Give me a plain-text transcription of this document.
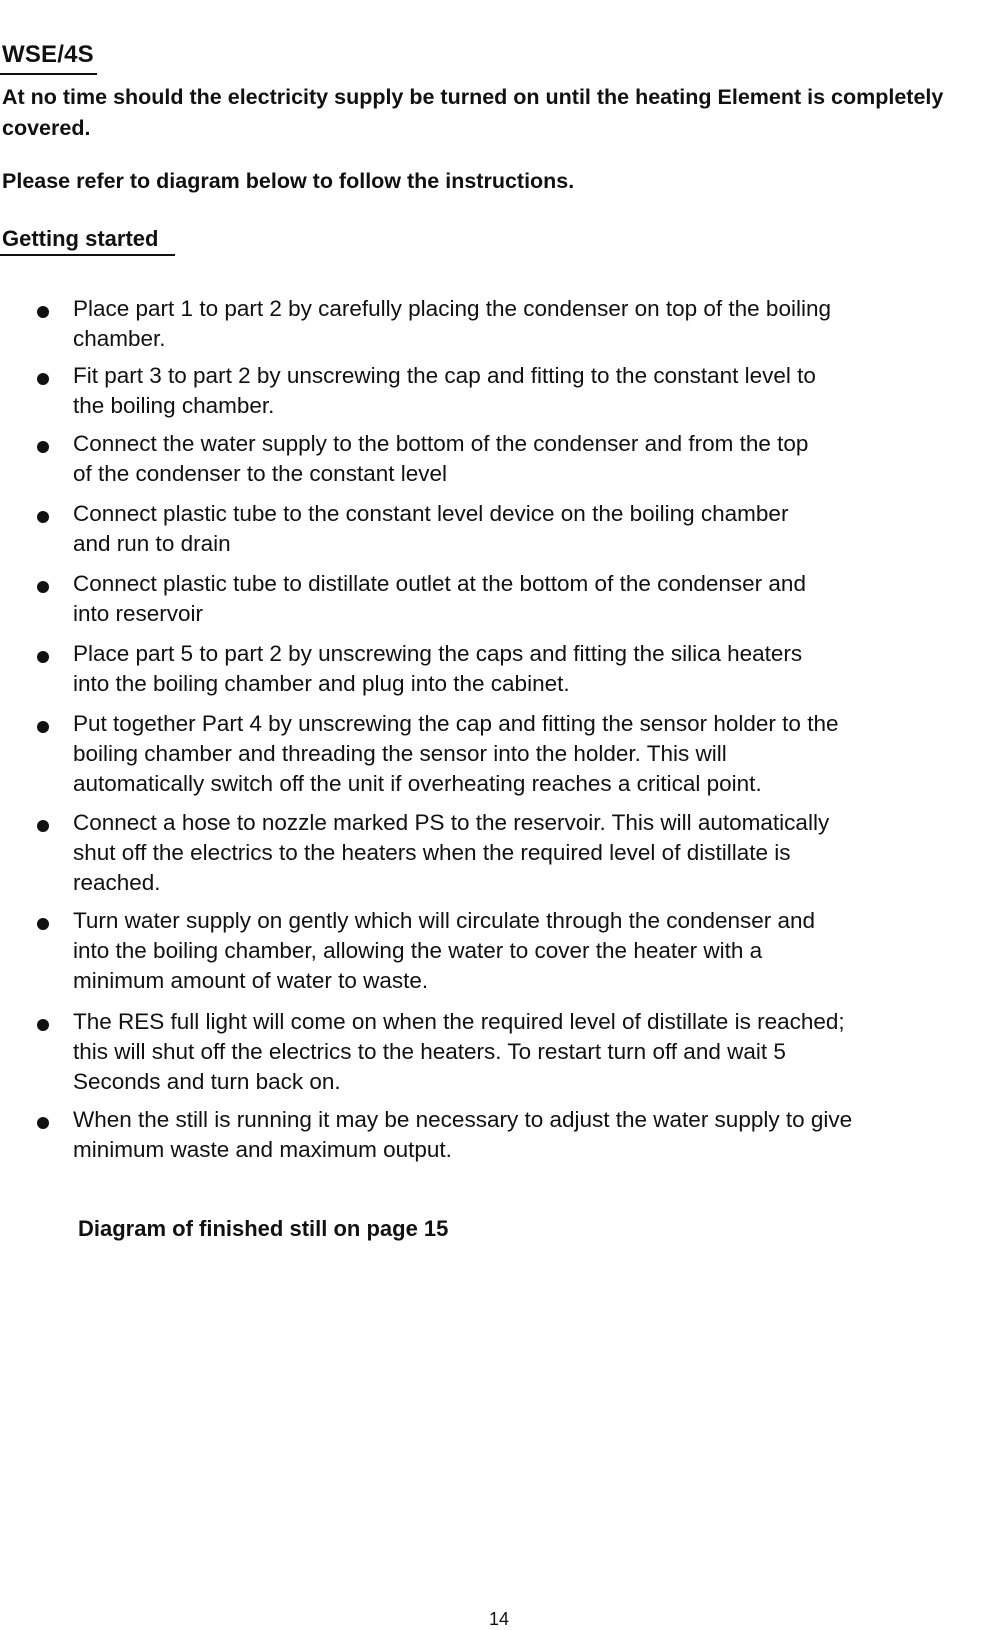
WSE/4S

At no time should the electricity supply be turned on until the heating Element is completely covered.

Please refer to diagram below to follow the instructions.

Getting started

Place part 1 to part 2 by carefully placing the condenser on top of the boiling
chamber.

Fit part 3 to part 2 by unscrewing the cap and fitting to the constant level to
the boiling chamber.

Connect the water supply to the bottom of the condenser and from the top
of the condenser to the constant level

Connect plastic tube to the constant level device on the boiling chamber
and run to drain

Connect plastic tube to distillate outlet at the bottom of the condenser and
into reservoir

Place part 5 to part 2 by unscrewing the caps and fitting the silica heaters
into the boiling chamber and plug into the cabinet.

Put together Part 4 by unscrewing the cap and fitting the sensor holder to the
boiling chamber and threading the sensor into the holder. This will
automatically switch off the unit if overheating reaches a critical point.

Connect a hose to nozzle marked PS to the reservoir. This will automatically
shut off the electrics to the heaters when the required level of distillate is
reached.

Turn water supply on gently which will circulate through the condenser and
into the boiling chamber, allowing the water to cover the heater with a
minimum amount of water to waste.

The RES full light will come on when the required level of distillate is reached;
this will shut off the electrics to the heaters. To restart turn off and wait 5
Seconds and turn back on.

When the still is running it may be necessary to adjust the water supply to give
minimum waste and maximum output.

Diagram of finished still on page 15

14
